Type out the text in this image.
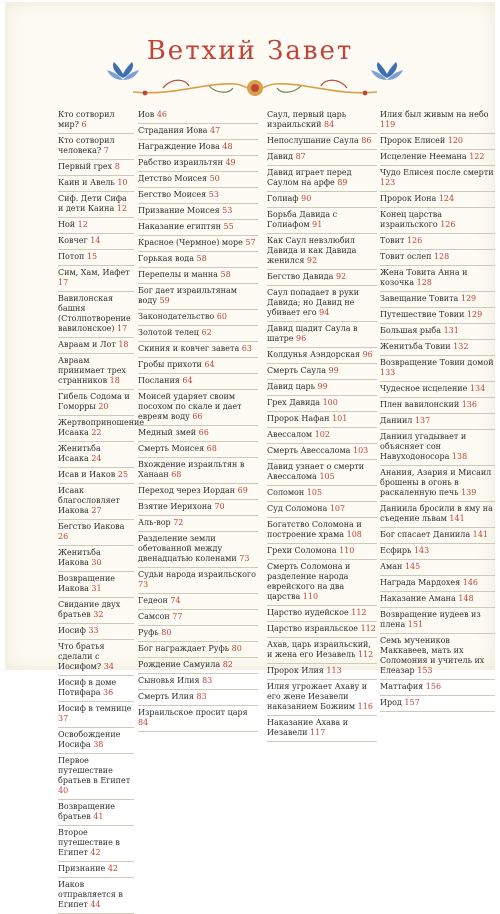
Ветхий Завет

Кто сотворил мир? 6

Кто сотворил человека? 7

Первый грех 8

Каин и Авель 10

Сиф. Дети Сифа и дети Каина 12

Ной 12

Ковчег 14

Потоп 15

Сим, Хам, Иафет 17

Вавилонская башня (Столпотворение вавилонское) 17

Авраам и Лот 18

Авраам принимает трех странников 18

Гибель Содома и Гоморры 20

Жертвоприношение Исаака 22

Женитьба Исаака 24

Исав и Иаков 25

Исаак благословляет Иакова 27

Бегство Иакова 26

Женитьба Иакова 30

Возвращение Иакова 31

Свидание двух братьев 32

Иосиф 33

Что братья сделали с Иосифом? 34

Иосиф в доме Потифара 36

Иосиф в темнице 37

Освобождение Иосифа 38

Первое путешествие братьев в Египет 40

Возвращение братьев 41

Второе путешествие в Египет 42

Признание 42

Иаков отправляется в Египет 44

Иов 46

Страдания Иова 47

Награждение Иова 48

Рабство израильтян 49

Детство Моисея 50

Бегство Моисея 53

Призвание Моисея 53

Наказание египтян 55

Красное (Чермное) море 57

Горькая вода 58

Перепелы и манна 58

Бог дает израильтянам воду 59

Законодательство 60

Золотой телец 62

Скиния и ковчег завета 63

Гробы прихоти 64

Послания 64

Моисей ударяет своим посохом по скале и дает евреям воду 66

Медный змей 66

Смерть Моисея 68

Вхождение израильтян в Ханаан 68

Переход через Иордан 69

Взятие Иерихона 70

Аль-вор 72

Разделение земли обетованной между двенадцатью коленами 73

Судьи народа израильского 73

Гедеон 74

Самсон 77

Руфь 80

Бог награждает Руфь 80

Рождение Самуила 82

Сыновья Илия 83

Смерть Илия 83

Израильское просит царя 84

Саул, первый царь израильский 84

Непослушание Саула 86

Давид 87

Давид играет перед Саулом на арфе 89

Голиаф 90

Борьба Давида с Голиафом 91

Как Саул невзлюбил Давида и как Давида женился 92

Бегство Давида 92

Саул попадает в руки Давида; но Давид не убивает его 94

Давид щадит Саула в шатре 96

Колдунья Аэндорская 96

Смерть Саула 99

Давид царь 99

Грех Давида 100

Пророк Нафан 101

Авессалом 102

Смерть Авессалома 103

Давид узнает о смерти Авессалома 105

Соломон 105

Суд Соломона 107

Богатство Соломона и построение храма 108

Грехи Соломона 110

Смерть Соломона и разделение народа еврейского на два царства 110

Царство иудейское 112

Царство израильское 112

Ахав, царь израильский, и жена его Иезавель 112

Пророк Илия 113

Илия угрожает Ахаву и его жене Иезавели наказанием Божиим 116

Наказание Ахава и Иезавели 117

Илия был живым на небо 119

Пророк Елисей 120

Исцеление Неемана 122

Чудо Елисея после смерти 123

Пророк Иона 124

Конец царства израильского 126

Товит 126

Товит ослеп 128

Жена Товита Анна и козочка 128

Завещание Товита 129

Путешествие Товии 129

Большая рыба 131

Женитьба Товии 132

Возвращение Товии домой 133

Чудесное исцеление 134

Плен вавилонский 136

Даниил 137

Даниил угадывает и объясняет сон Навуходоносора 138

Анания, Азария и Мисаил брошены в огонь в раскаленную печь 139

Даниила бросили в яму на съедение львам 141

Бог спасает Даниила 141

Есфирь 143

Аман 145

Награда Мардохея 146

Наказание Амана 148

Возвращение иудеев из плена 151

Семь мучеников Маккавеев, мать их Соломония и учитель их Елеазар 153

Маттафия 156

Ирод 157
